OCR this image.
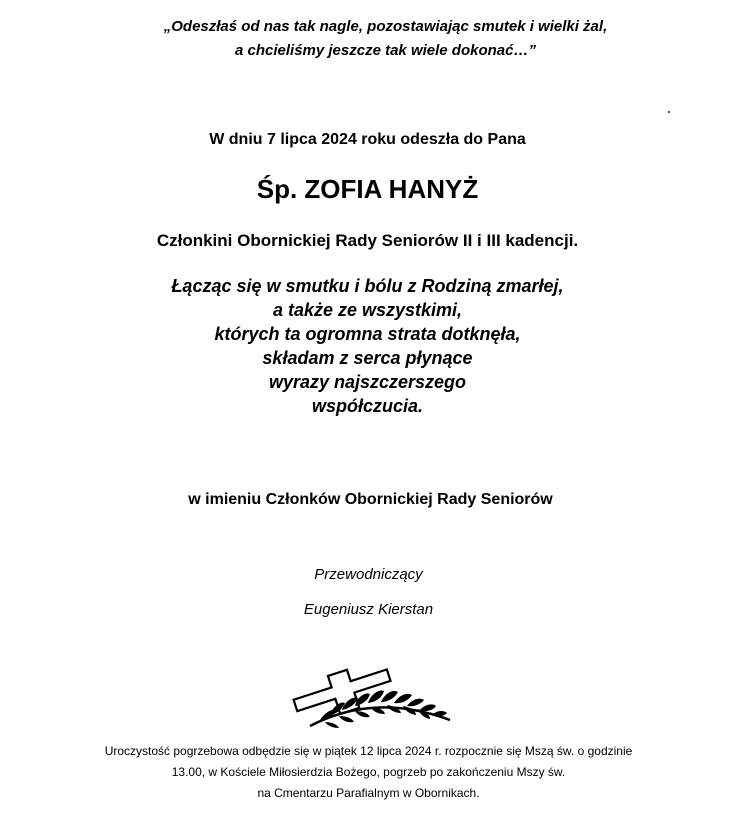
„Odeszłaś od nas tak nagle, pozostawiając smutek i wielki żal,
a chcieliśmy jeszcze tak wiele dokonać…”

W dniu 7 lipca 2024 roku odeszła do Pana

Śp. ZOFIA HANYŻ

Członkini Obornickiej Rady Seniorów II i III kadencji.

Łącząc się w smutku i bólu z Rodziną zmarłej,
a także ze wszystkimi,
których ta ogromna strata dotknęła,
składam z serca płynące
wyrazy najszczerszego
współczucia.

w imieniu Członków Obornickiej Rady Seniorów

Przewodniczący

Eugeniusz Kierstan

Uroczystość pogrzebowa odbędzie się w piątek 12 lipca 2024 r. rozpocznie się Mszą św. o godzinie
13.00, w Kościele Miłosierdzia Bożego, pogrzeb po zakończeniu Mszy św.
na Cmentarzu Parafialnym w Obornikach.
